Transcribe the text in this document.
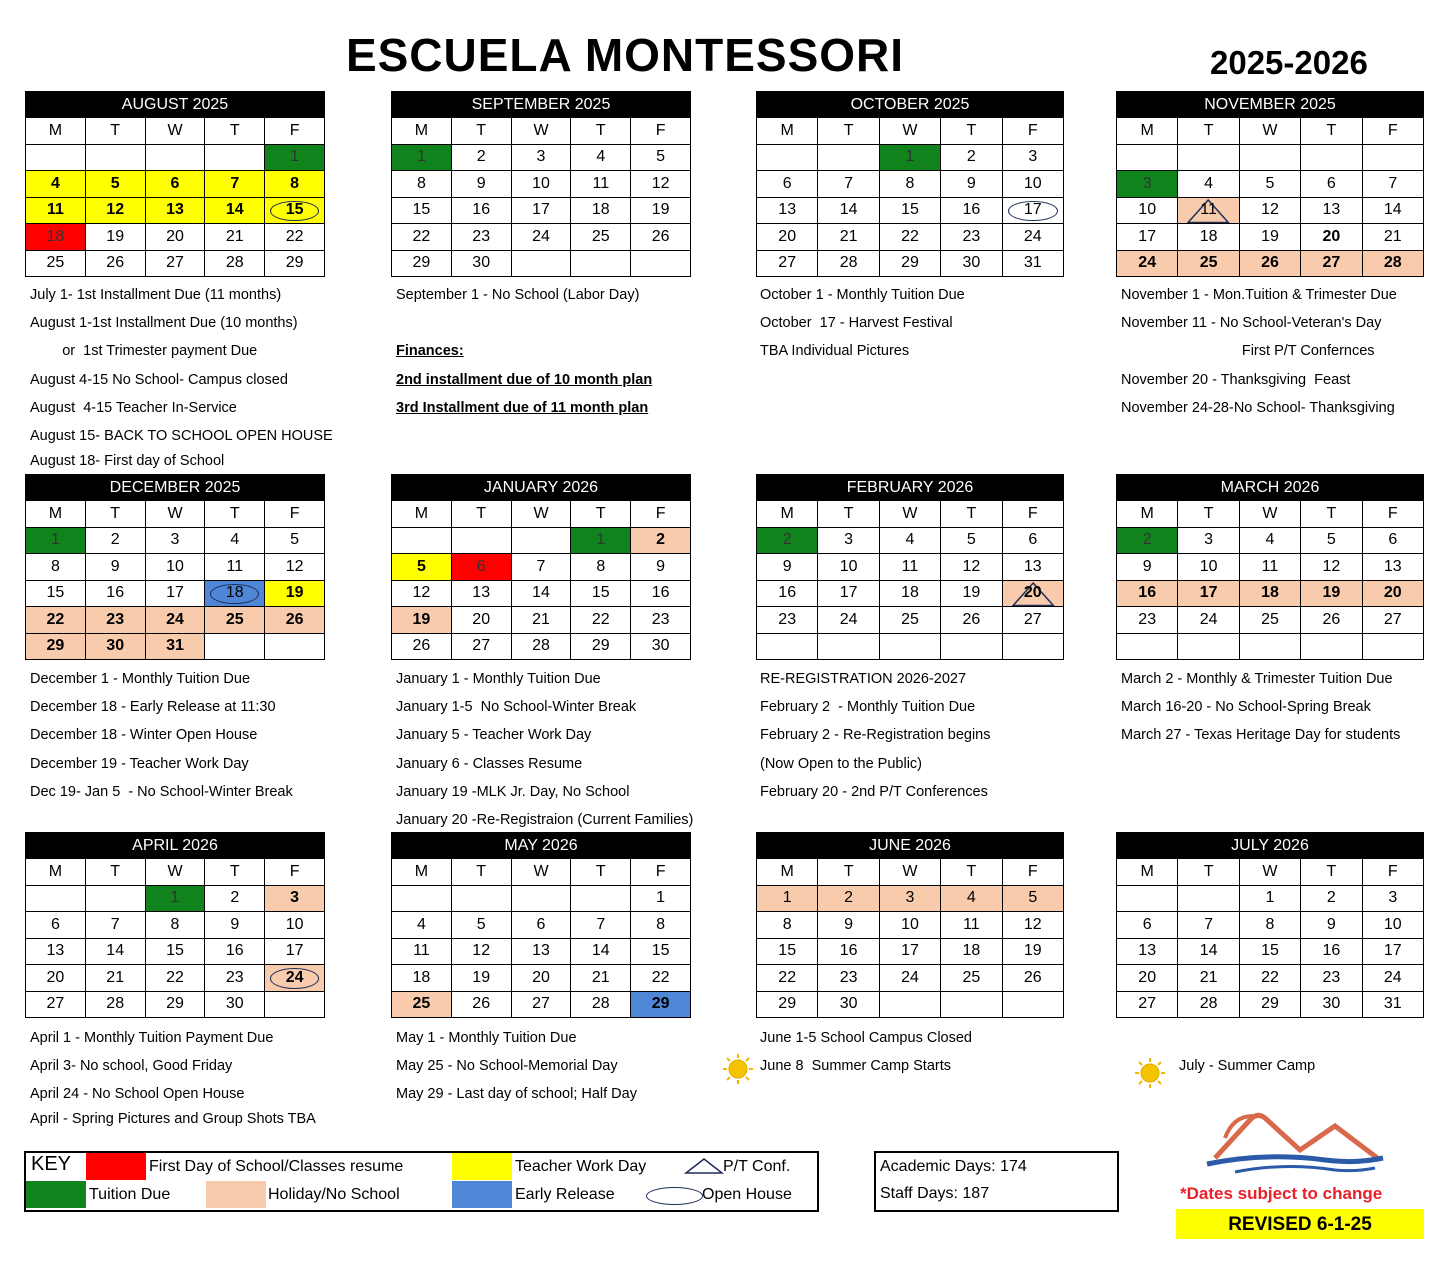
ESCUELA MONTESSORI	2025-2026
AUGUST 2025
M	T	W	T	F
				1
4	5	6	7	8
11	12	13	14	15
18	19	20	21	22
25	26	27	28	29
SEPTEMBER 2025
M	T	W	T	F
1	2	3	4	5
8	9	10	11	12
15	16	17	18	19
22	23	24	25	26
29	30			
OCTOBER 2025
M	T	W	T	F
		1	2	3
6	7	8	9	10
13	14	15	16	17
20	21	22	23	24
27	28	29	30	31
NOVEMBER 2025
M	T	W	T	F

3	4	5	6	7
10	11	12	13	14
17	18	19	20	21
24	25	26	27	28
DECEMBER 2025
M	T	W	T	F
1	2	3	4	5
8	9	10	11	12
15	16	17	18	19
22	23	24	25	26
29	30	31		
JANUARY 2026
M	T	W	T	F
			1	2
5	6	7	8	9
12	13	14	15	16
19	20	21	22	23
26	27	28	29	30
FEBRUARY 2026
M	T	W	T	F
2	3	4	5	6
9	10	11	12	13
16	17	18	19	20
23	24	25	26	27

MARCH 2026
M	T	W	T	F
2	3	4	5	6
9	10	11	12	13
16	17	18	19	20
23	24	25	26	27

APRIL 2026
M	T	W	T	F
		1	2	3
6	7	8	9	10
13	14	15	16	17
20	21	22	23	24
27	28	29	30	
MAY 2026
M	T	W	T	F
				1
4	5	6	7	8
11	12	13	14	15
18	19	20	21	22
25	26	27	28	29
JUNE 2026
M	T	W	T	F
1	2	3	4	5
8	9	10	11	12
15	16	17	18	19
22	23	24	25	26
29	30			
JULY 2026
M	T	W	T	F
		1	2	3
6	7	8	9	10
13	14	15	16	17
20	21	22	23	24
27	28	29	30	31
July 1- 1st Installment Due (11 months)
August 1-1st Installment Due (10 months)
or  1st Trimester payment Due
August 4-15 No School- Campus closed
August  4-15 Teacher In-Service
August 15- BACK TO SCHOOL OPEN HOUSE
August 18- First day of School
September 1 - No School (Labor Day)
Finances:
2nd installment due of 10 month plan
3rd Installment due of 11 month plan
October 1 - Monthly Tuition Due
October  17 - Harvest Festival
TBA Individual Pictures
November 1 - Mon.Tuition & Trimester Due
November 11 - No School-Veteran's Day
First P/T Confernces
November 20 - Thanksgiving  Feast
November 24-28-No School- Thanksgiving
December 1 - Monthly Tuition Due
December 18 - Early Release at 11:30
December 18 - Winter Open House
December 19 - Teacher Work Day
Dec 19- Jan 5  - No School-Winter Break
January 1 - Monthly Tuition Due
January 1-5  No School-Winter Break
January 5 - Teacher Work Day
January 6 - Classes Resume
January 19 -MLK Jr. Day, No School
January 20 -Re-Registraion (Current Families)
RE-REGISTRATION 2026-2027
February 2  - Monthly Tuition Due
February 2 - Re-Registration begins
(Now Open to the Public)
February 20 - 2nd P/T Conferences
March 2 - Monthly & Trimester Tuition Due
March 16-20 - No School-Spring Break
March 27 - Texas Heritage Day for students
April 1 - Monthly Tuition Payment Due
April 3- No school, Good Friday
April 24 - No School Open House
April - Spring Pictures and Group Shots TBA
May 1 - Monthly Tuition Due
May 25 - No School-Memorial Day
May 29 - Last day of school; Half Day
June 1-5 School Campus Closed
June 8  Summer Camp Starts	July - Summer Camp
KEY	First Day of School/Classes resume	Teacher Work Day	P/T Conf.
Tuition Due	Holiday/No School	Early Release	Open House
Academic Days: 174
Staff Days: 187	*Dates subject to change
REVISED 6-1-25
